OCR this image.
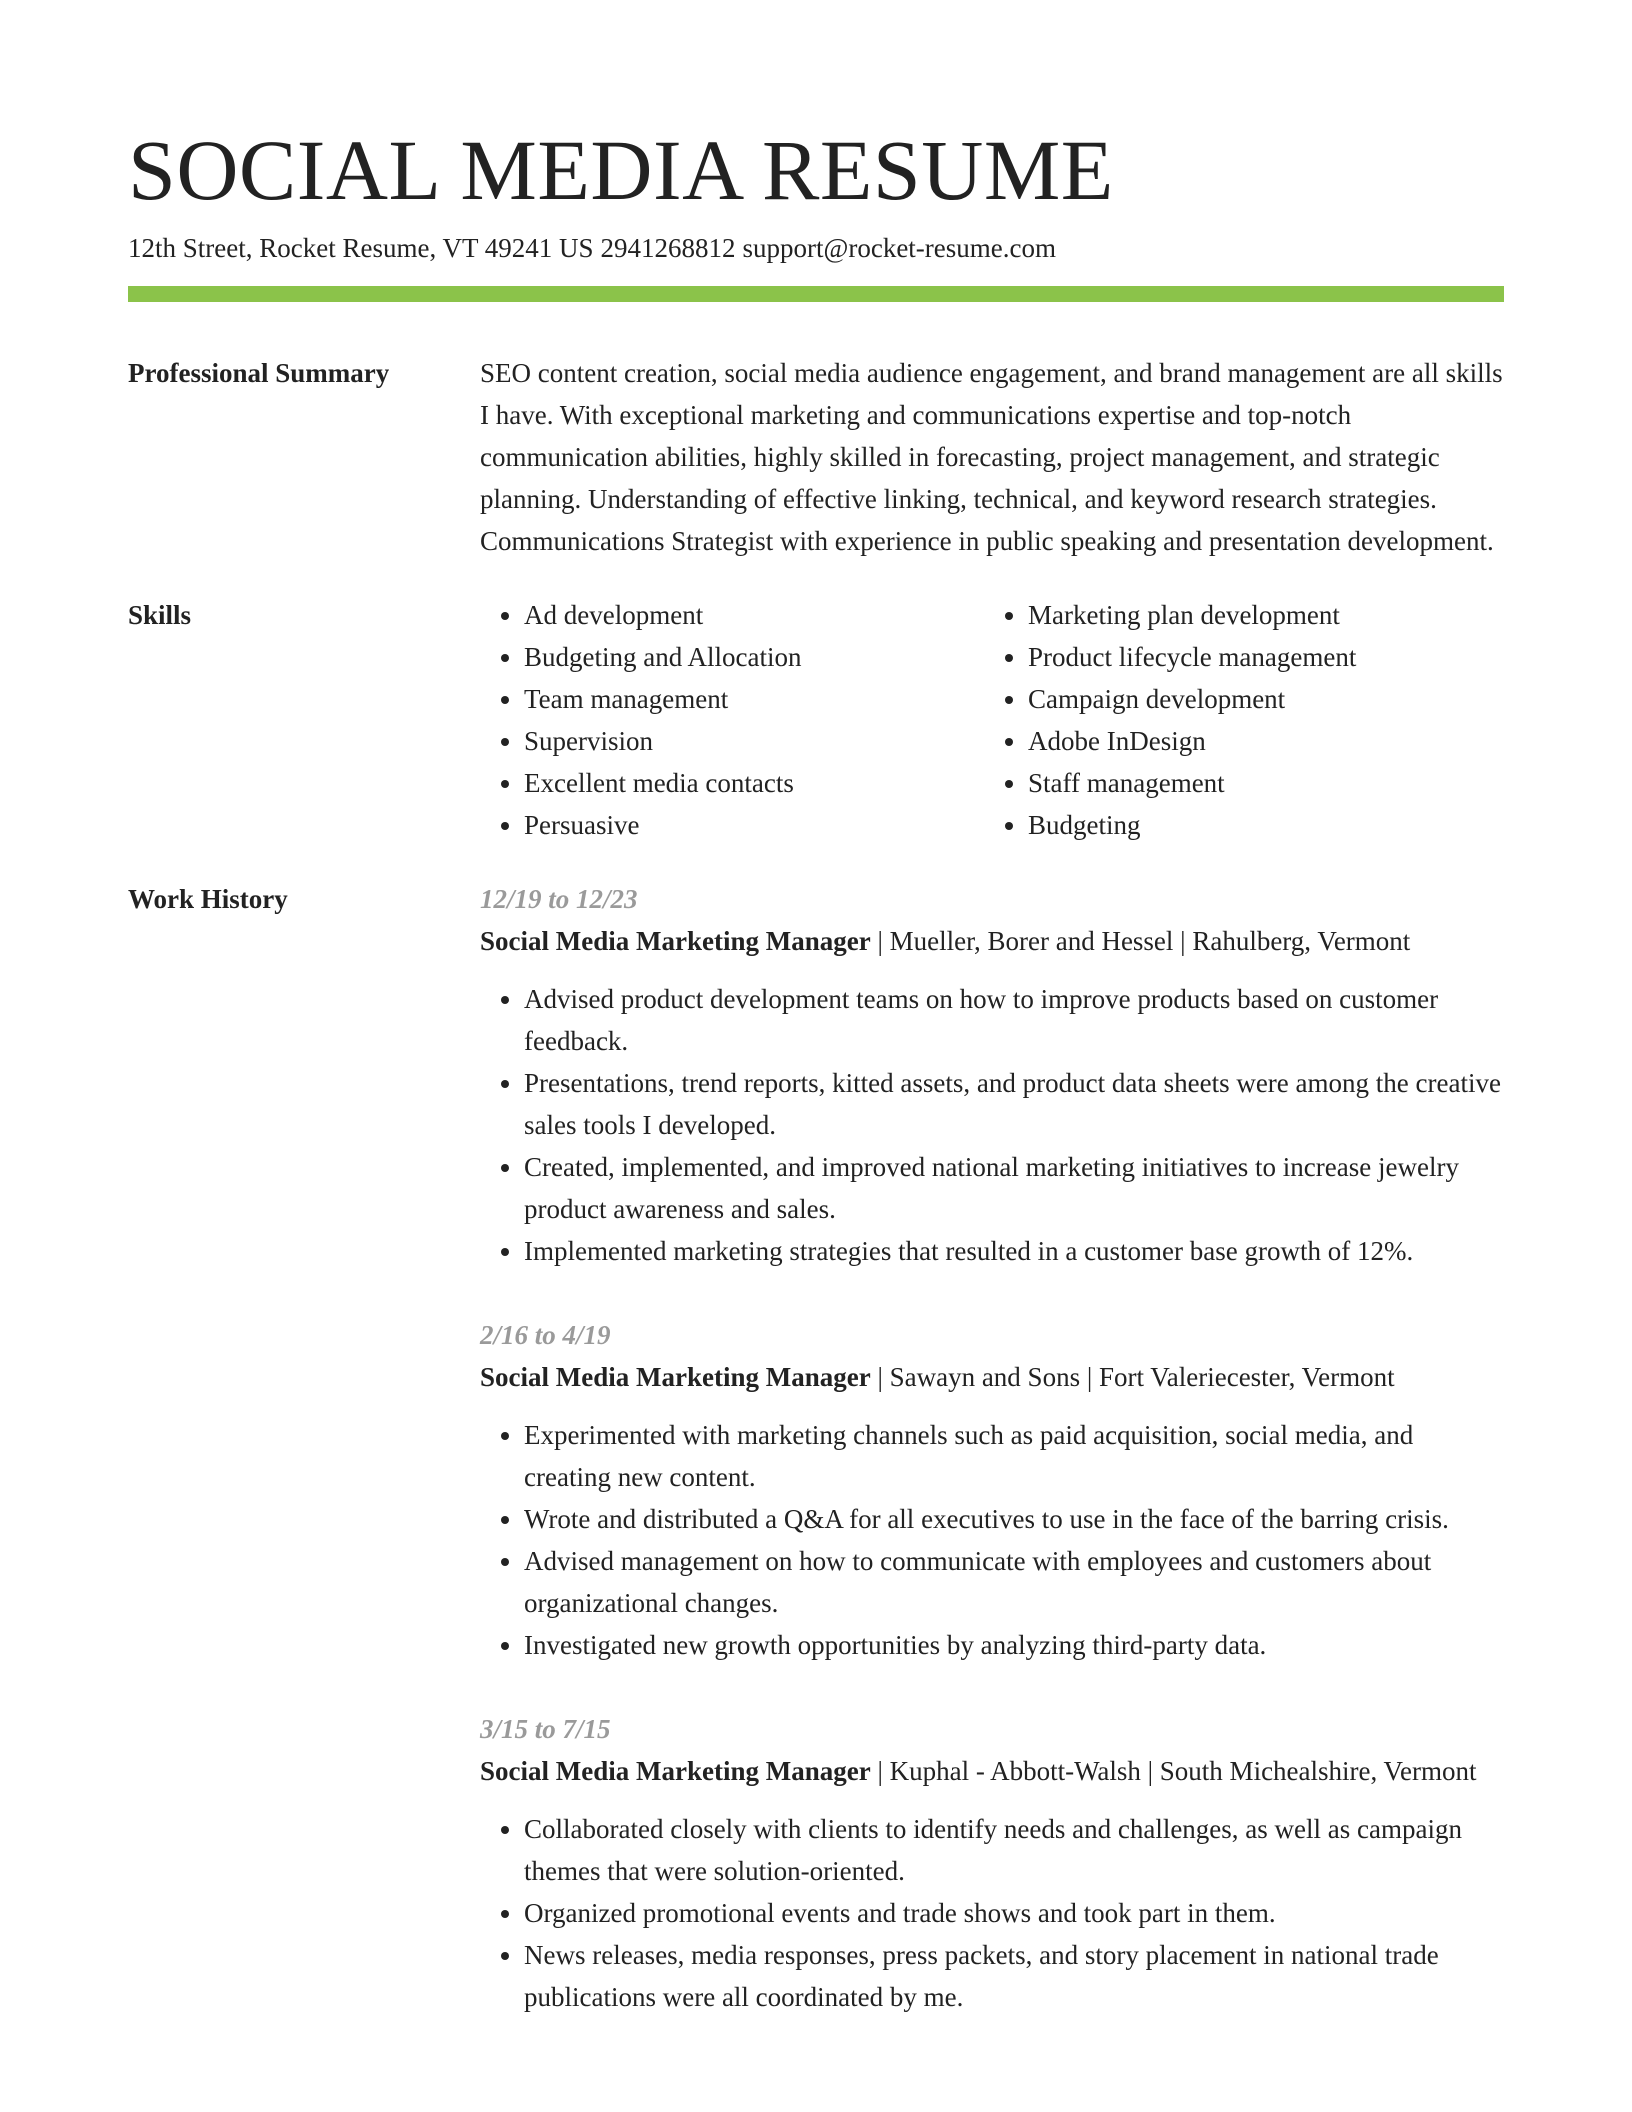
SOCIAL MEDIA RESUME
12th Street, Rocket Resume, VT 49241 US 2941268812 support@rocket-resume.com
Professional Summary	SEO content creation, social media audience engagement, and brand management are all skills I have. With exceptional marketing and communications expertise and top-notch communication abilities, highly skilled in forecasting, project management, and strategic planning. Understanding of effective linking, technical, and keyword research strategies. Communications Strategist with experience in public speaking and presentation development.
Skills
•	Ad development
• Budgeting and Allocation
• Team management
• Supervision
• Excellent media contacts
• Persuasive
• Marketing plan development
• Product lifecycle management
• Campaign development
• Adobe InDesign
• Staff management
• Budgeting
Work History	12/19 to 12/23
Social Media Marketing Manager | Mueller, Borer and Hessel | Rahulberg, Vermont
• Advised product development teams on how to improve products based on customer feedback.
• Presentations, trend reports, kitted assets, and product data sheets were among the creative sales tools I developed.
• Created, implemented, and improved national marketing initiatives to increase jewelry product awareness and sales.
• Implemented marketing strategies that resulted in a customer base growth of 12%.
2/16 to 4/19
Social Media Marketing Manager | Sawayn and Sons | Fort Valeriecester, Vermont
• Experimented with marketing channels such as paid acquisition, social media, and creating new content.
• Wrote and distributed a Q&A for all executives to use in the face of the barring crisis.
• Advised management on how to communicate with employees and customers about organizational changes.
• Investigated new growth opportunities by analyzing third-party data.
3/15 to 7/15
Social Media Marketing Manager | Kuphal - Abbott-Walsh | South Michealshire, Vermont
• Collaborated closely with clients to identify needs and challenges, as well as campaign themes that were solution-oriented.
• Organized promotional events and trade shows and took part in them.
• News releases, media responses, press packets, and story placement in national trade publications were all coordinated by me.
